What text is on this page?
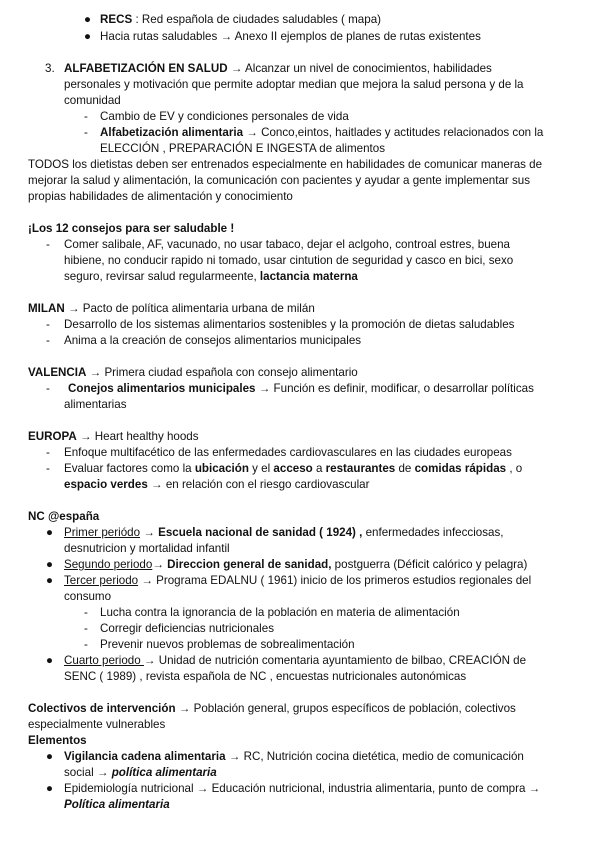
● RECS : Red española de ciudades saludables ( mapa)
● Hacia rutas saludables → Anexo II ejemplos de planes de rutas existentes
3. ALFABETIZACIÓN EN SALUD → Alcanzar un nivel de conocimientos, habilidades
personales y motivación que permite adoptar median que mejora la salud persona y de la
comunidad
- Cambio de EV y condiciones personales de vida
- Alfabetización alimentaria → Conco,eintos, haitlades y actitudes relacionados con la
ELECCIÓN , PREPARACIÓN E INGESTA de alimentos
TODOS los dietistas deben ser entrenados especialmente en habilidades de comunicar maneras de
mejorar la salud y alimentación, la comunicación con pacientes y ayudar a gente implementar sus
propias habilidades de alimentación y conocimiento
¡Los 12 consejos para ser saludable !
- Comer salibale, AF, vacunado, no usar tabaco, dejar el aclgoho, controal estres, buena
hibiene, no conducir rapido ni tomado, usar cintution de seguridad y casco en bici, sexo
seguro, revirsar salud regularmeente, lactancia materna
MILAN → Pacto de política alimentaria urbana de milán
- Desarrollo de los sistemas alimentarios sostenibles y la promoción de dietas saludables
- Anima a la creación de consejos alimentarios municipales
VALENCIA → Primera ciudad española con consejo alimentario
- Conejos alimentarios municipales → Función es definir, modificar, o desarrollar políticas
alimentarias
EUROPA → Heart healthy hoods
- Enfoque multifacético de las enfermedades cardiovasculares en las ciudades europeas
- Evaluar factores como la ubicación y el acceso a restaurantes de comidas rápidas , o
espacio verdes → en relación con el riesgo cardiovascular
NC @españa
● Primer periódo → Escuela nacional de sanidad ( 1924) , enfermedades infecciosas,
desnutricion y mortalidad infantil
● Segundo periodo→ Direccion general de sanidad, postguerra (Déficit calórico y pelagra)
● Tercer periodo → Programa EDALNU ( 1961) inicio de los primeros estudios regionales del
consumo
- Lucha contra la ignorancia de la población en materia de alimentación
- Corregir deficiencias nutricionales
- Prevenir nuevos problemas de sobrealimentación
● Cuarto periodo → Unidad de nutrición comentaria ayuntamiento de bilbao, CREACIÓN de
SENC ( 1989) , revista española de NC , encuestas nutricionales autonómicas
Colectivos de intervención → Población general, grupos específicos de población, colectivos
especialmente vulnerables
Elementos
● Vigilancia cadena alimentaria → RC, Nutrición cocina dietética, medio de comunicación
social → política alimentaria
● Epidemiología nutricional → Educación nutricional, industria alimentaria, punto de compra →
Política alimentaria
